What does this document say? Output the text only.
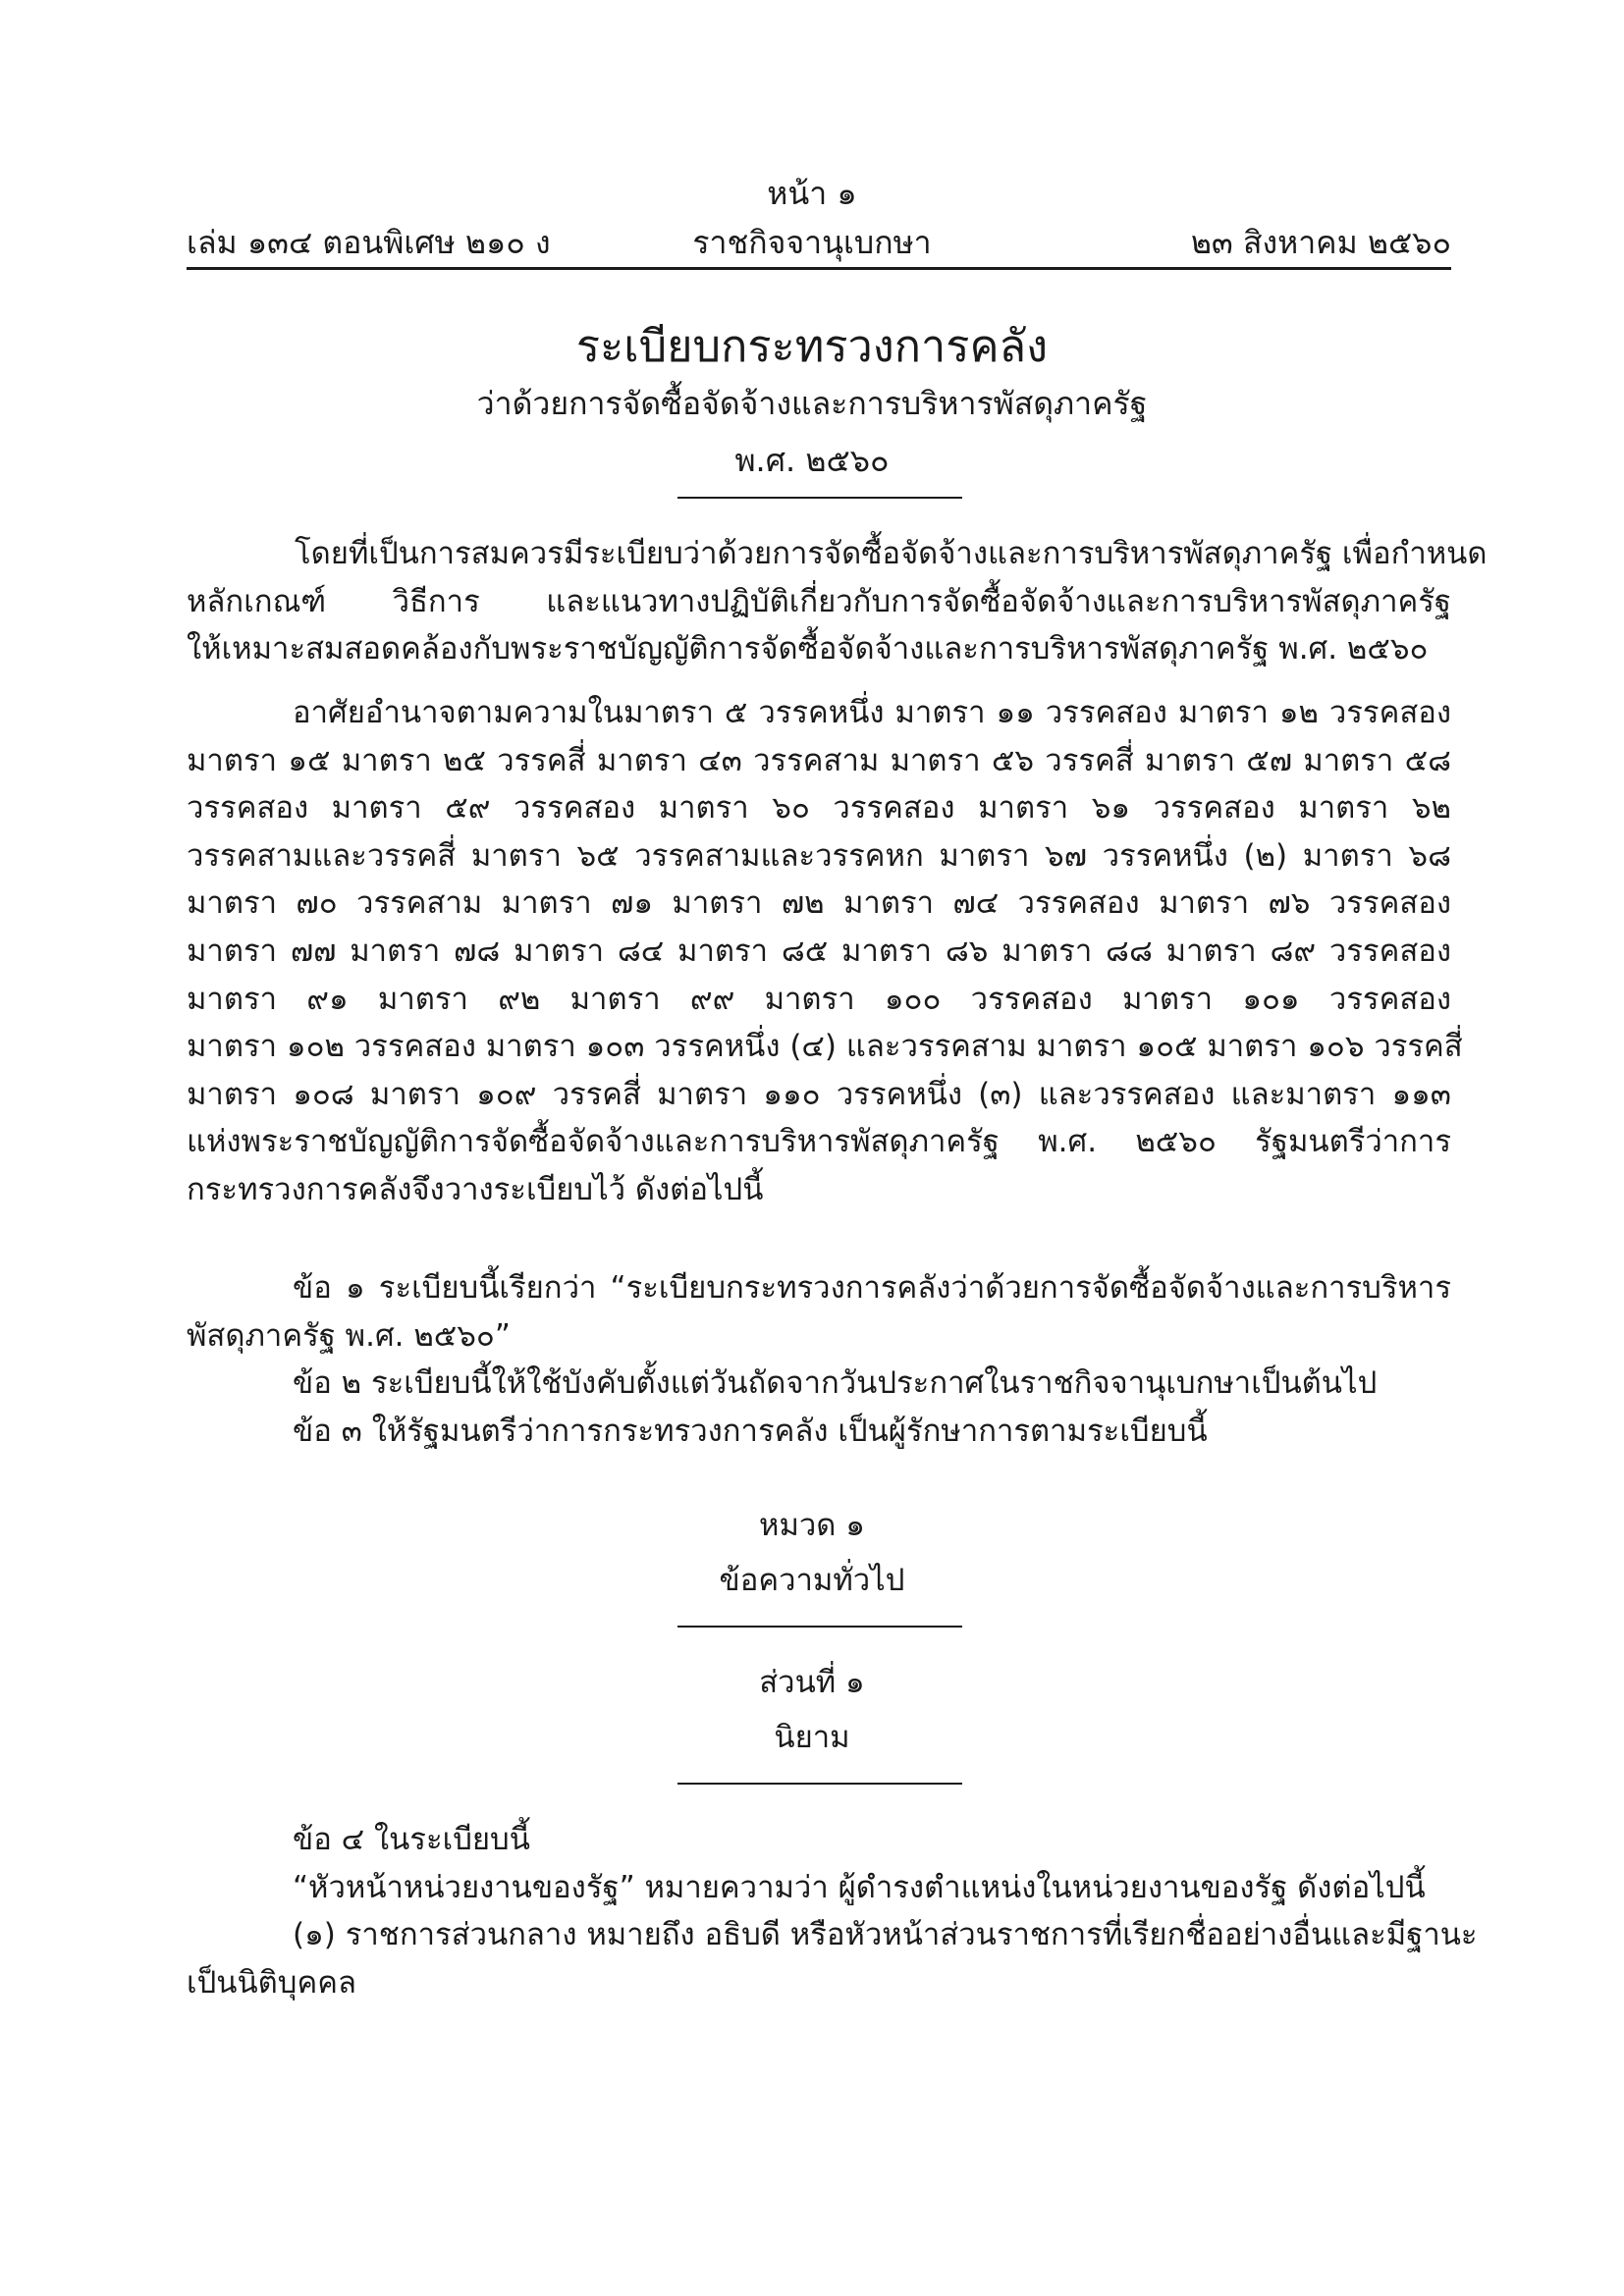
หน้า ๑
เล่ม ๑๓๔ ตอนพิเศษ ๒๑๐ ง	ราชกิจจานุเบกษา	๒๓ สิงหาคม ๒๕๖๐
ระเบียบกระทรวงการคลัง
ว่าด้วยการจัดซื้อจัดจ้างและการบริหารพัสดุภาครัฐ
พ.ศ. ๒๕๖๐
โดยที่เป็นการสมควรมีระเบียบว่าด้วยการจัดซื้อจัดจ้างและการบริหารพัสดุภาครัฐ เพื่อกำหนด
หลักเกณฑ์ วิธีการ และแนวทางปฏิบัติเกี่ยวกับการจัดซื้อจัดจ้างและการบริหารพัสดุภาครัฐ
ให้เหมาะสมสอดคล้องกับพระราชบัญญัติการจัดซื้อจัดจ้างและการบริหารพัสดุภาครัฐ พ.ศ. ๒๕๖๐
อาศัยอำนาจตามความในมาตรา ๕ วรรคหนึ่ง มาตรา ๑๑ วรรคสอง มาตรา ๑๒ วรรคสอง
มาตรา ๑๕ มาตรา ๒๕ วรรคสี่ มาตรา ๔๓ วรรคสาม มาตรา ๕๖ วรรคสี่ มาตรา ๕๗ มาตรา ๕๘
วรรคสอง มาตรา ๕๙ วรรคสอง มาตรา ๖๐ วรรคสอง มาตรา ๖๑ วรรคสอง มาตรา ๖๒
วรรคสามและวรรคสี่ มาตรา ๖๕ วรรคสามและวรรคหก มาตรา ๖๗ วรรคหนึ่ง (๒) มาตรา ๖๘
มาตรา ๗๐ วรรคสาม มาตรา ๗๑ มาตรา ๗๒ มาตรา ๗๔ วรรคสอง มาตรา ๗๖ วรรคสอง
มาตรา ๗๗ มาตรา ๗๘ มาตรา ๘๔ มาตรา ๘๕ มาตรา ๘๖ มาตรา ๘๘ มาตรา ๘๙ วรรคสอง
มาตรา ๙๑ มาตรา ๙๒ มาตรา ๙๙ มาตรา ๑๐๐ วรรคสอง มาตรา ๑๐๑ วรรคสอง
มาตรา ๑๐๒ วรรคสอง มาตรา ๑๐๓ วรรคหนึ่ง (๔) และวรรคสาม มาตรา ๑๐๕ มาตรา ๑๐๖ วรรคสี่
มาตรา ๑๐๘ มาตรา ๑๐๙ วรรคสี่ มาตรา ๑๑๐ วรรคหนึ่ง (๓) และวรรคสอง และมาตรา ๑๑๓
แห่งพระราชบัญญัติการจัดซื้อจัดจ้างและการบริหารพัสดุภาครัฐ พ.ศ. ๒๕๖๐ รัฐมนตรีว่าการ
กระทรวงการคลังจึงวางระเบียบไว้ ดังต่อไปนี้
ข้อ ๑ ระเบียบนี้เรียกว่า “ระเบียบกระทรวงการคลังว่าด้วยการจัดซื้อจัดจ้างและการบริหาร
พัสดุภาครัฐ พ.ศ. ๒๕๖๐”
ข้อ ๒ ระเบียบนี้ให้ใช้บังคับตั้งแต่วันถัดจากวันประกาศในราชกิจจานุเบกษาเป็นต้นไป
ข้อ ๓ ให้รัฐมนตรีว่าการกระทรวงการคลัง เป็นผู้รักษาการตามระเบียบนี้
หมวด ๑
ข้อความทั่วไป
ส่วนที่ ๑
นิยาม
ข้อ ๔ ในระเบียบนี้
“หัวหน้าหน่วยงานของรัฐ” หมายความว่า ผู้ดำรงตำแหน่งในหน่วยงานของรัฐ ดังต่อไปนี้
(๑) ราชการส่วนกลาง หมายถึง อธิบดี หรือหัวหน้าส่วนราชการที่เรียกชื่ออย่างอื่นและมีฐานะ
เป็นนิติบุคคล
